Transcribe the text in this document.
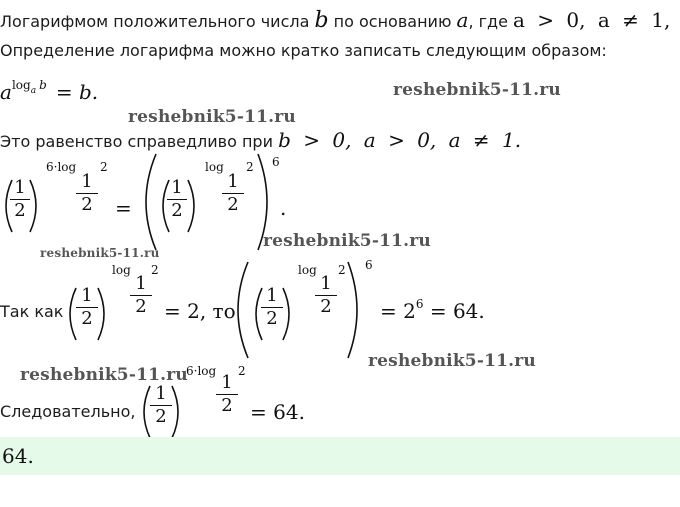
Логарифмом положительного числа b по основанию a, где a > 0, a ≠ 1,
Определение логарифма можно кратко записать следующим образом:
$a^{loga}$ $^b$ = b.	reshebnik5-11.ru
reshebnik5-11.ru
Это равенство справедливо при b > 0, a > 0, a ≠ 1.
1
2
6·log
1
2
2
=
1
2
log
1
2
2 6
.
reshebnik5-11.ru
reshebnik5-11.ru
Так как
1
2
log
1
2
2
= 2, то
1
2
log
1
2
2 6
= $2^6 = 64$.
reshebnik5-11.ru
reshebnik5-11.ru
Следовательно,
1
2
6·log
1
2
2
= 64.
64.
